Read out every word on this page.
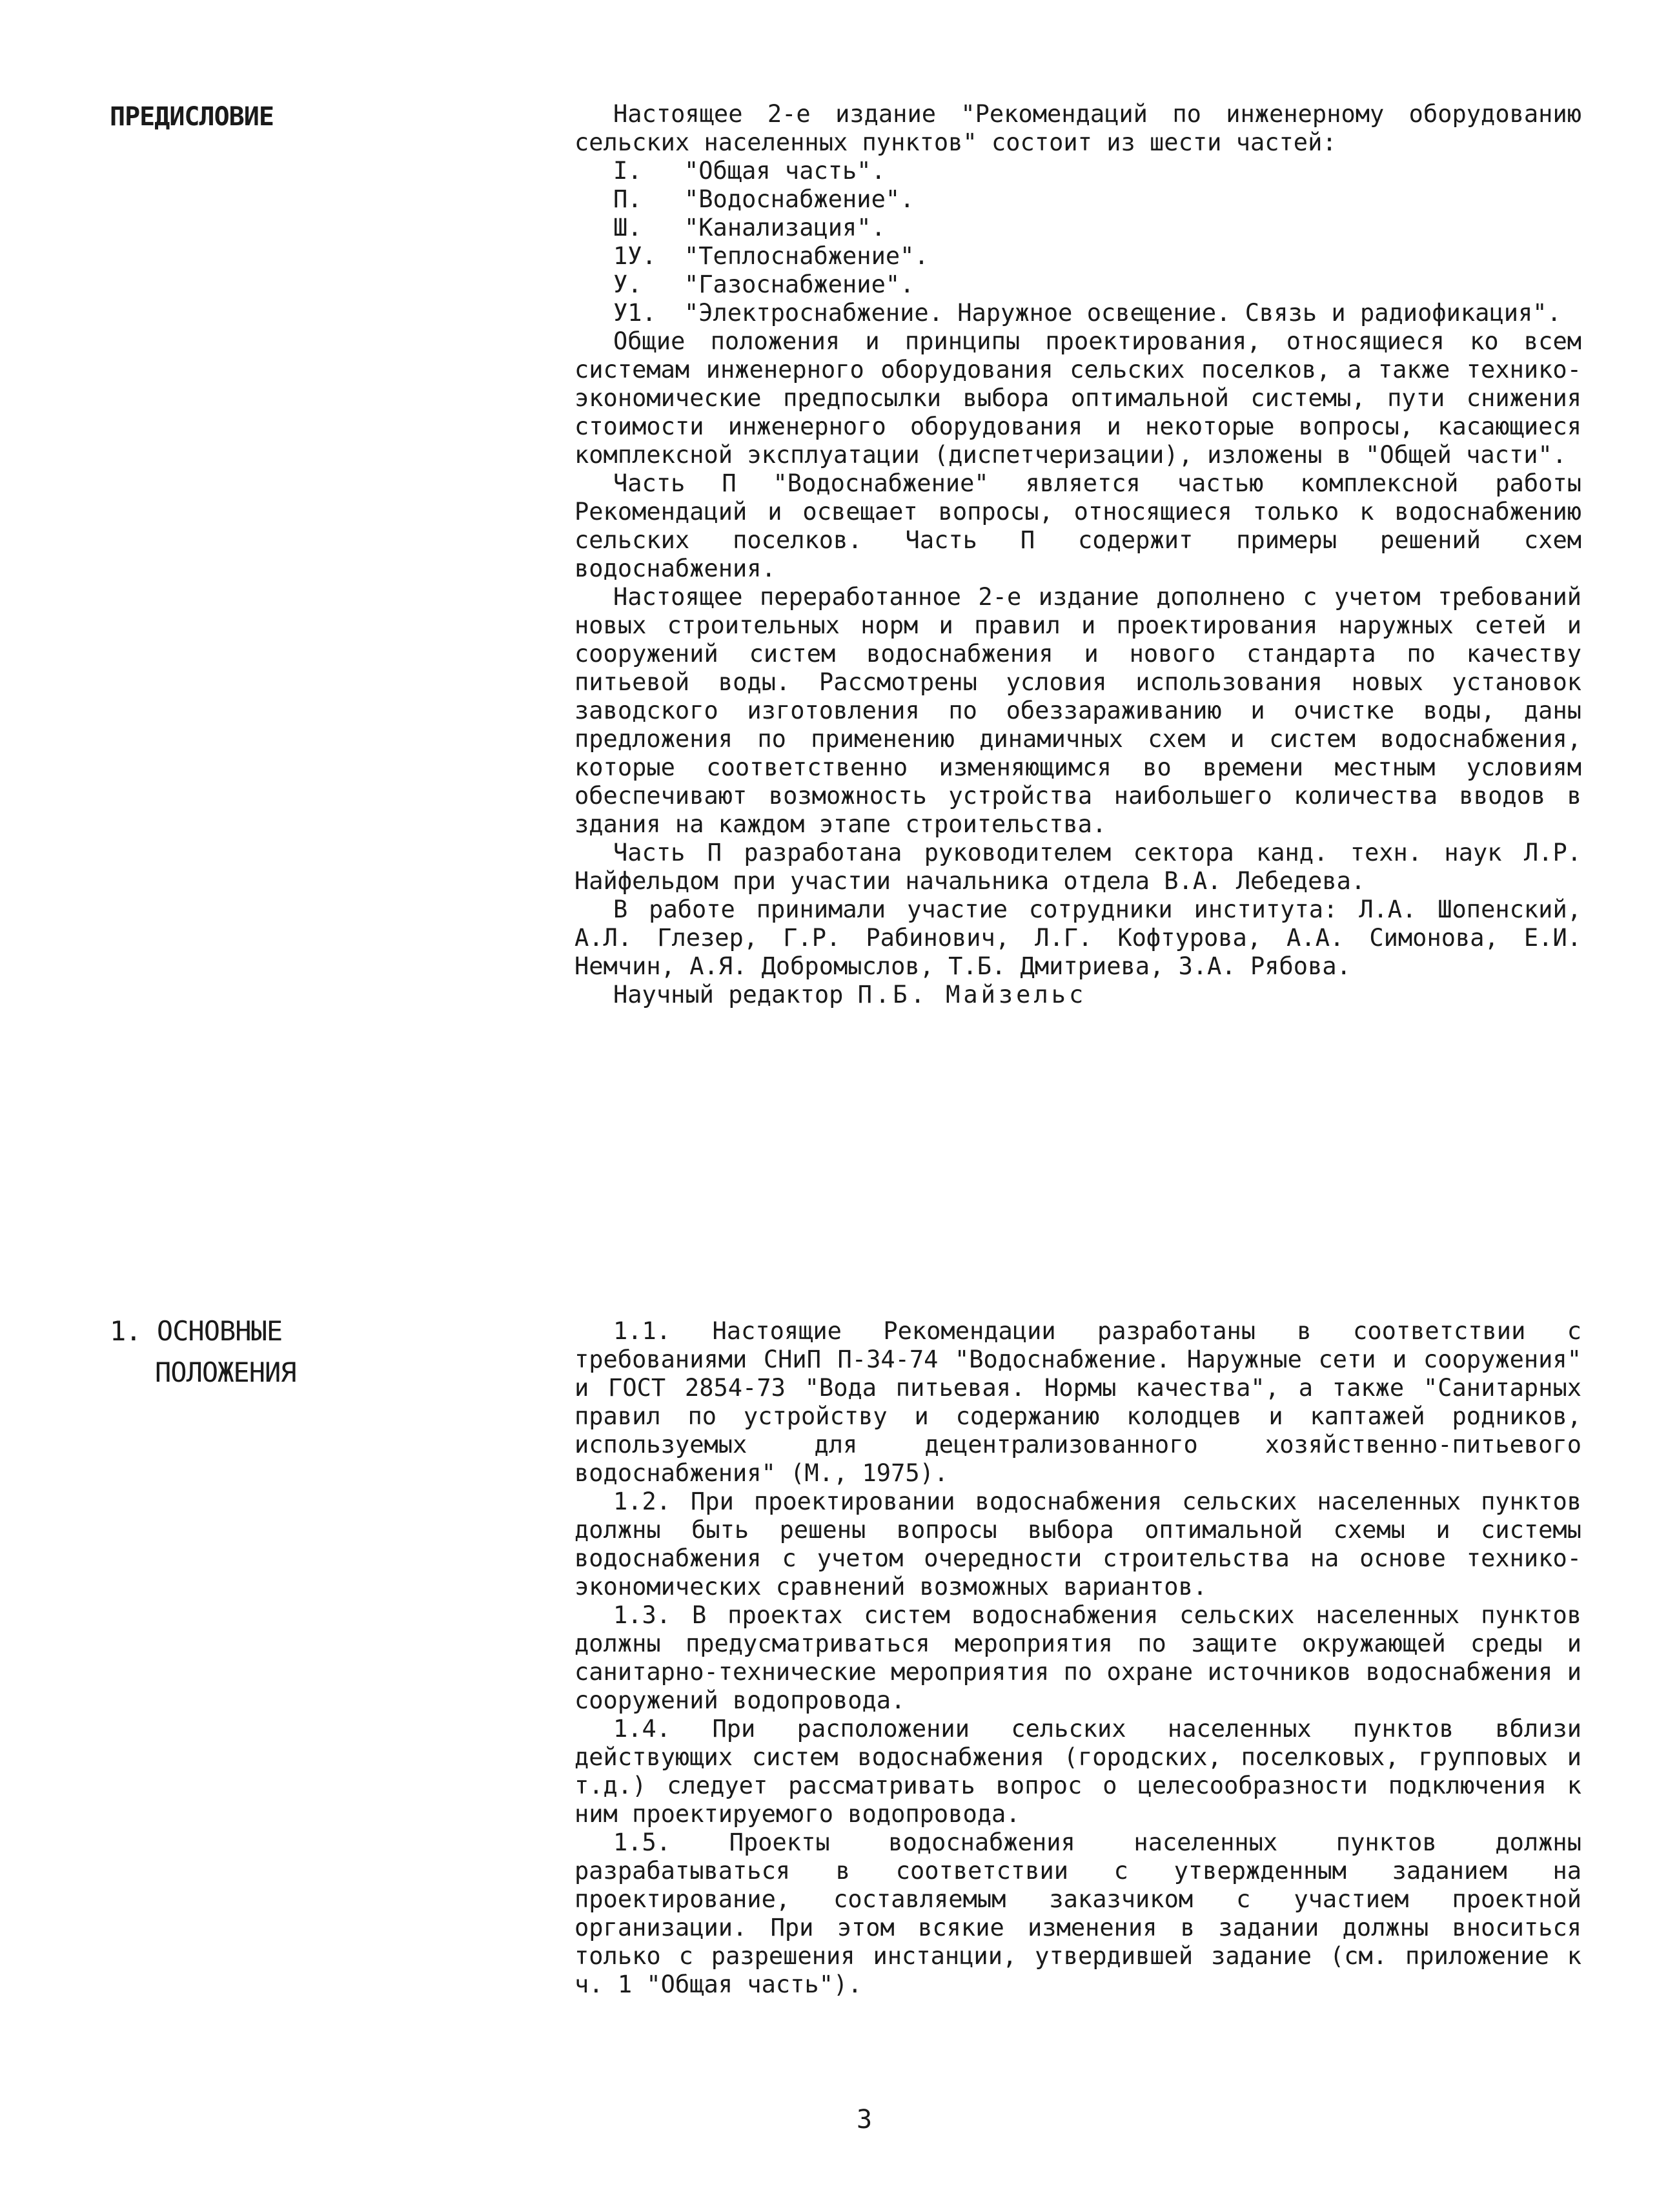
ПРЕДИСЛОВИЕ	Настоящее 2-е издание "Рекомендаций по инженерному оборудованию сельских населенных пунктов" состоит из шести частей:

I.	"Общая часть".
П.	"Водоснабжение".
Ш.	"Канализация".
1У.	"Теплоснабжение".
У.	"Газоснабжение".
У1.	"Электроснабжение. Наружное освещение. Связь и радиофикация".

Общие положения и принципы проектирования, относящиеся ко всем системам инженерного оборудования сельских поселков, а также технико-экономические предпосылки выбора оптимальной системы, пути снижения стоимости инженерного оборудования и некоторые вопросы, касающиеся комплексной эксплуатации (диспетчеризации), изложены в "Общей части".

Часть П "Водоснабжение" является частью комплексной работы Рекомендаций и освещает вопросы, относящиеся только к водоснабжению сельских поселков. Часть П содержит примеры решений схем водоснабжения.

Настоящее переработанное 2-е издание дополнено с учетом требований новых строительных норм и правил и проектирования наружных сетей и сооружений систем водоснабжения и нового стандарта по качеству питьевой воды. Рассмотрены условия использования новых установок заводского изготовления по обеззараживанию и очистке воды, даны предложения по применению динамичных схем и систем водоснабжения, которые соответственно изменяющимся во времени местным условиям обеспечивают возможность устройства наибольшего количества вводов в здания на каждом этапе строительства.

Часть П разработана руководителем сектора канд. техн. наук Л.Р. Найфельдом при участии начальника отдела В.А. Лебедева.

В работе принимали участие сотрудники института: Л.А. Шопенский, А.Л. Глезер, Г.Р. Рабинович, Л.Г. Кофтурова, А.А. Симонова, Е.И. Немчин, А.Я. Добромыслов, Т.Б. Дмитриева, З.А. Рябова.

Научный редактор П.Б. Майзельс

1. ОСНОВНЫЕ
ПОЛОЖЕНИЯ

1.1. Настоящие Рекомендации разработаны в соответствии с требованиями СНиП П-34-74 "Водоснабжение. Наружные сети и сооружения" и ГОСТ 2854-73 "Вода питьевая. Нормы качества", а также "Санитарных правил по устройству и содержанию колодцев и каптажей родников, используемых для децентрализованного хозяйственно-питьевого водоснабжения" (М., 1975).

1.2. При проектировании водоснабжения сельских населенных пунктов должны быть решены вопросы выбора оптимальной схемы и системы водоснабжения с учетом очередности строительства на основе технико-экономических сравнений возможных вариантов.

1.3. В проектах систем водоснабжения сельских населенных пунктов должны предусматриваться мероприятия по защите окружающей среды и санитарно-технические мероприятия по охране источников водоснабжения и сооружений водопровода.

1.4. При расположении сельских населенных пунктов вблизи действующих систем водоснабжения (городских, поселковых, групповых и т.д.) следует рассматривать вопрос о целесообразности подключения к ним проектируемого водопровода.

1.5. Проекты водоснабжения населенных пунктов должны разрабатываться в соответствии с утвержденным заданием на проектирование, составляемым заказчиком с участием проектной организации. При этом всякие изменения в задании должны вноситься только с разрешения инстанции, утвердившей задание (см. приложение к ч. 1 "Общая часть").

3
